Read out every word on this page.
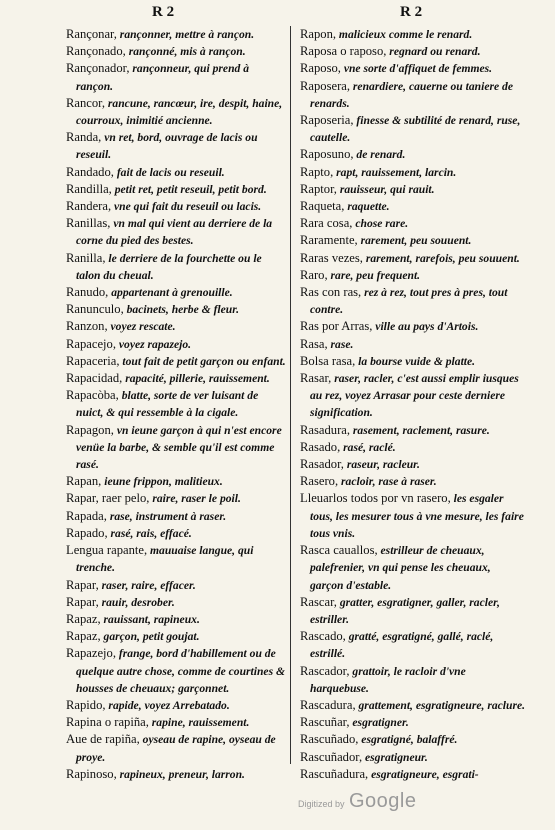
R 2	R 2

Rançonar, rançonner, mettre à rançon.

Rançonado, rançonné, mis à rançon.

Rançonador, rançonneur, qui prend à rançon.

Rancor, rancune, rancœur, ire, despit, haine, courroux, inimitié ancienne.

Randa, vn ret, bord, ouvrage de lacis ou reseuil.

Randado, fait de lacis ou reseuil.

Randilla, petit ret, petit reseuil, petit bord.

Randera, vne qui fait du reseuil ou lacis.

Ranillas, vn mal qui vient au derriere de la corne du pied des bestes.

Ranilla, le derriere de la fourchette ou le talon du cheual.

Ranudo, appartenant à grenouille.

Ranunculo, bacinets, herbe & fleur.

Ranzon, voyez rescate.

Rapacejo, voyez rapazejo.

Rapaceria, tout fait de petit garçon ou enfant.

Rapacidad, rapacité, pillerie, rauissement.

Rapacòba, blatte, sorte de ver luisant de nuict, & qui ressemble à la cigale.

Rapagon, vn ieune garçon à qui n'est encore venüe la barbe, & semble qu'il est comme rasé.

Rapan, ieune frippon, malitieux.

Rapar, raer pelo, raire, raser le poil.

Rapada, rase, instrument à raser.

Rapado, rasé, rais, effacé.

Lengua rapante, mauuaise langue, qui trenche.

Rapar, raser, raire, effacer.

Rapar, rauir, desrober.

Rapaz, rauissant, rapineux.

Rapaz, garçon, petit goujat.

Rapazejo, frange, bord d'habillement ou de quelque autre chose, comme de courtines & housses de cheuaux; garçonnet.

Rapido, rapide, voyez Arrebatado.

Rapina o rapiña, rapine, rauissement.

Aue de rapiña, oyseau de rapine, oyseau de proye.

Rapinoso, rapineux, preneur, larron.

Rapon, malicieux comme le renard.

Raposa o raposo, regnard ou renard.

Raposo, vne sorte d'affiquet de femmes.

Raposera, renardiere, cauerne ou taniere de renards.

Raposeria, finesse & subtilité de renard, ruse, cautelle.

Raposuno, de renard.

Rapto, rapt, rauissement, larcin.

Raptor, rauisseur, qui rauit.

Raqueta, raquette.

Rara cosa, chose rare.

Raramente, rarement, peu souuent.

Raras vezes, rarement, rarefois, peu souuent.

Raro, rare, peu frequent.

Ras con ras, rez à rez, tout pres à pres, tout contre.

Ras por Arras, ville au pays d'Artois.

Rasa, rase.

Bolsa rasa, la bourse vuide & platte.

Rasar, raser, racler, c'est aussi emplir iusques au rez, voyez Arrasar pour ceste derniere signification.

Rasadura, rasement, raclement, rasure.

Rasado, rasé, raclé.

Rasador, raseur, racleur.

Rasero, racloir, rase à raser.

Lleuarlos todos por vn rasero, les esgaler tous, les mesurer tous à vne mesure, les faire tous vnis.

Rasca cauallos, estrilleur de cheuaux, palefrenier, vn qui pense les cheuaux, garçon d'estable.

Rascar, gratter, esgratigner, galler, racler, estriller.

Rascado, gratté, esgratigné, gallé, raclé, estrillé.

Rascador, grattoir, le racloir d'vne harquebuse.

Rascadura, grattement, esgratigneure, raclure.

Rascuñar, esgratigner.

Rascuñado, esgratigné, balaffré.

Rascuñador, esgratigneur.

Rascuñadura, esgratigneure, esgrati-

Digitized by Google
